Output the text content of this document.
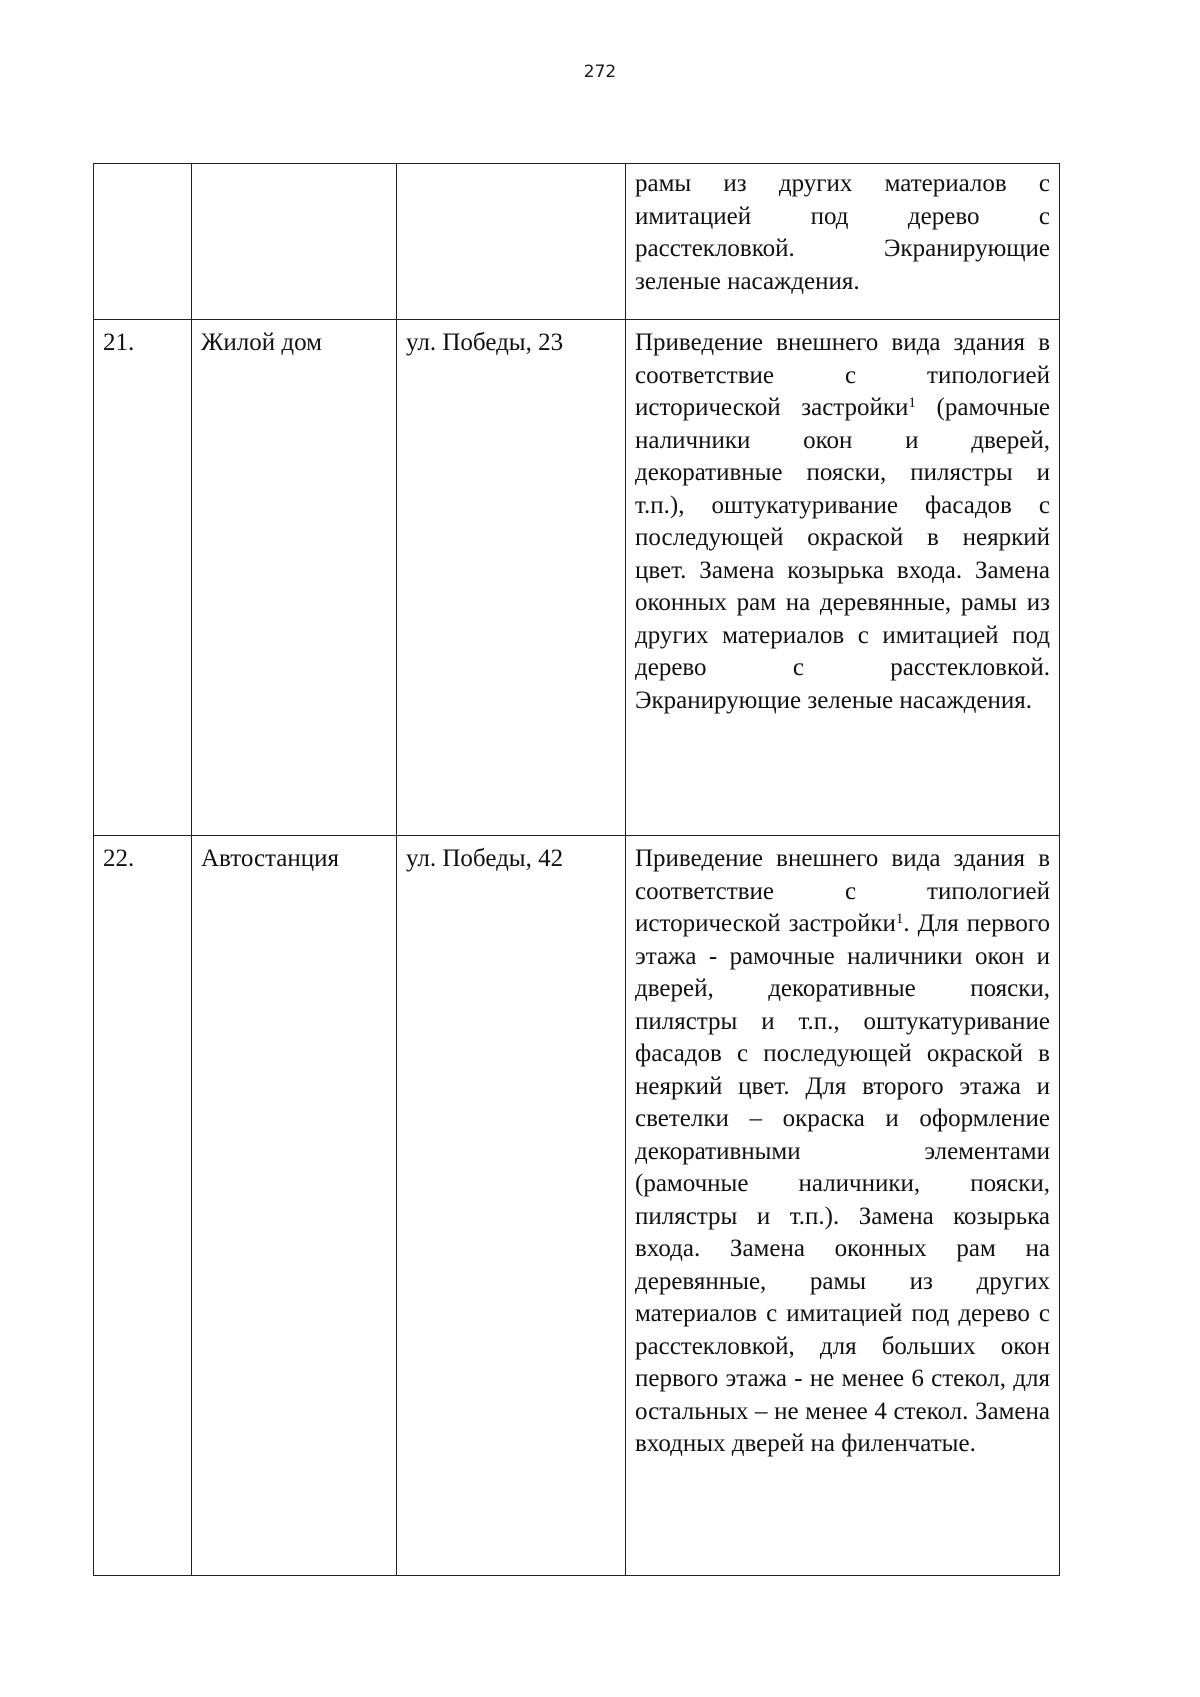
272
			рамы из других материалов с имитацией под дерево с расстекловкой. Экранирующие зеленые насаждения.
21.	Жилой дом	ул. Победы, 23	Приведение внешнего вида здания в соответствие с типологией исторической застройки$^1$ (рамочные наличники окон и дверей, декоративные пояски, пилястры и т.п.), оштукатуривание фасадов с последующей окраской в неяркий цвет. Замена козырька входа. Замена оконных рам на деревянные, рамы из других материалов с имитацией под дерево с расстекловкой. Экранирующие зеленые насаждения.
22.	Автостанция	ул. Победы, 42	Приведение внешнего вида здания в соответствие с типологией исторической застройки$^1$. Для первого этажа - рамочные наличники окон и дверей, декоративные пояски, пилястры и т.п., оштукатуривание фасадов с последующей окраской в неяркий цвет. Для второго этажа и светелки – окраска и оформление декоративными элементами (рамочные наличники, пояски, пилястры и т.п.). Замена козырька входа. Замена оконных рам на деревянные, рамы из других материалов с имитацией под дерево с расстекловкой, для больших окон первого этажа - не менее 6 стекол, для остальных – не менее 4 стекол. Замена входных дверей на филенчатые.
